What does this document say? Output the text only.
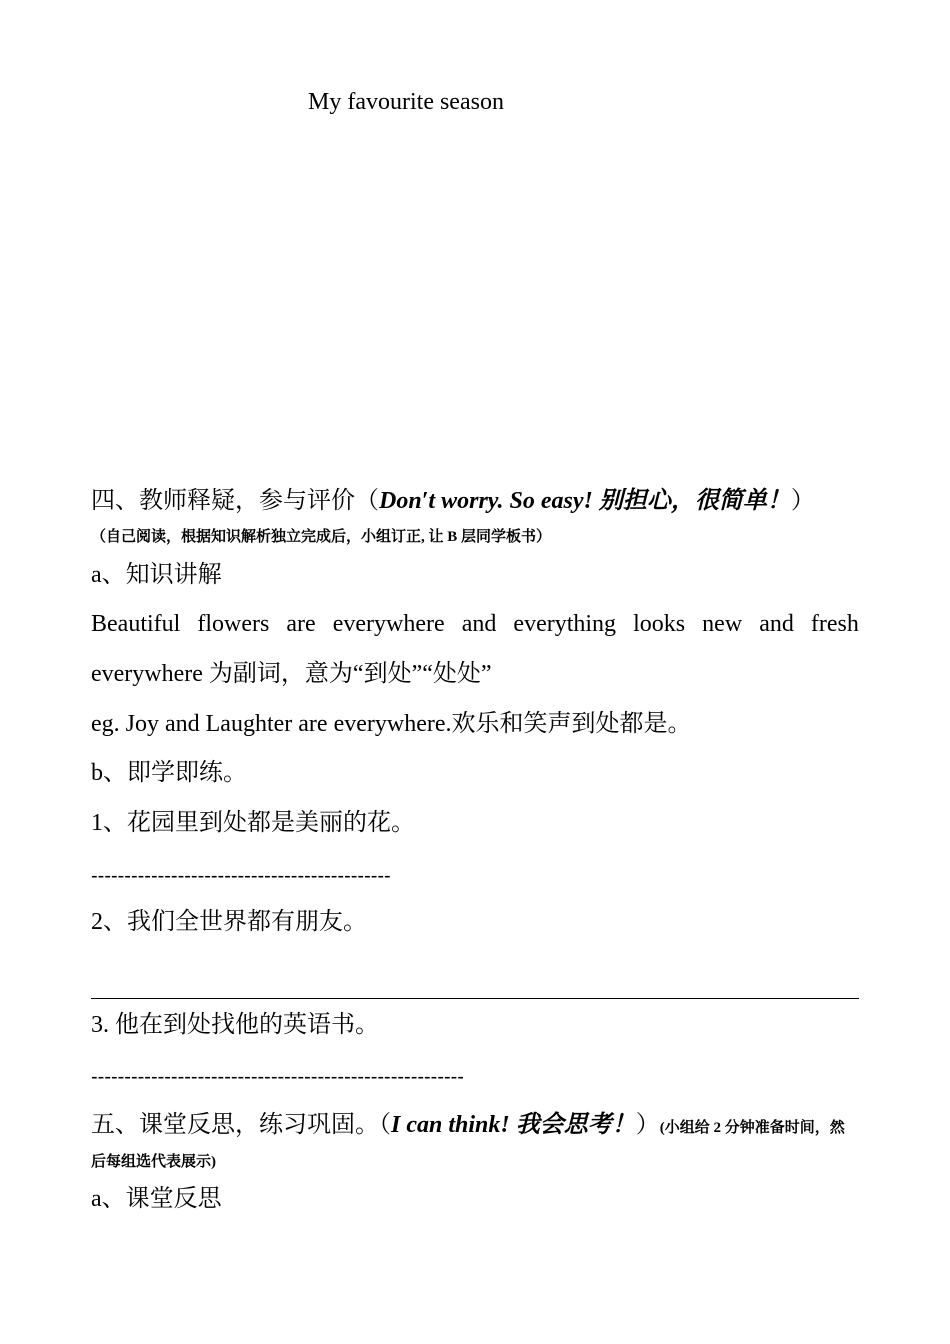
My favourite season
四、教师释疑，参与评价（Don′t worry. So easy! 别担心，很简单！）
（自己阅读，根据知识解析独立完成后，小组订正, 让 B 层同学板书）
a、知识讲解
Beautiful flowers are everywhere and everything looks new and fresh
everywhere 为副词，意为“到处”“处处”
eg. Joy and Laughter are everywhere.欢乐和笑声到处都是。
b、即学即练。
1、花园里到处都是美丽的花。
---------------------------------------------
2、我们全世界都有朋友。
3. 他在到处找他的英语书。
--------------------------------------------------------
五、课堂反思，练习巩固。（I can think! 我会思考！）(小组给 2 分钟准备时间，然
后每组选代表展示)
a、课堂反思
